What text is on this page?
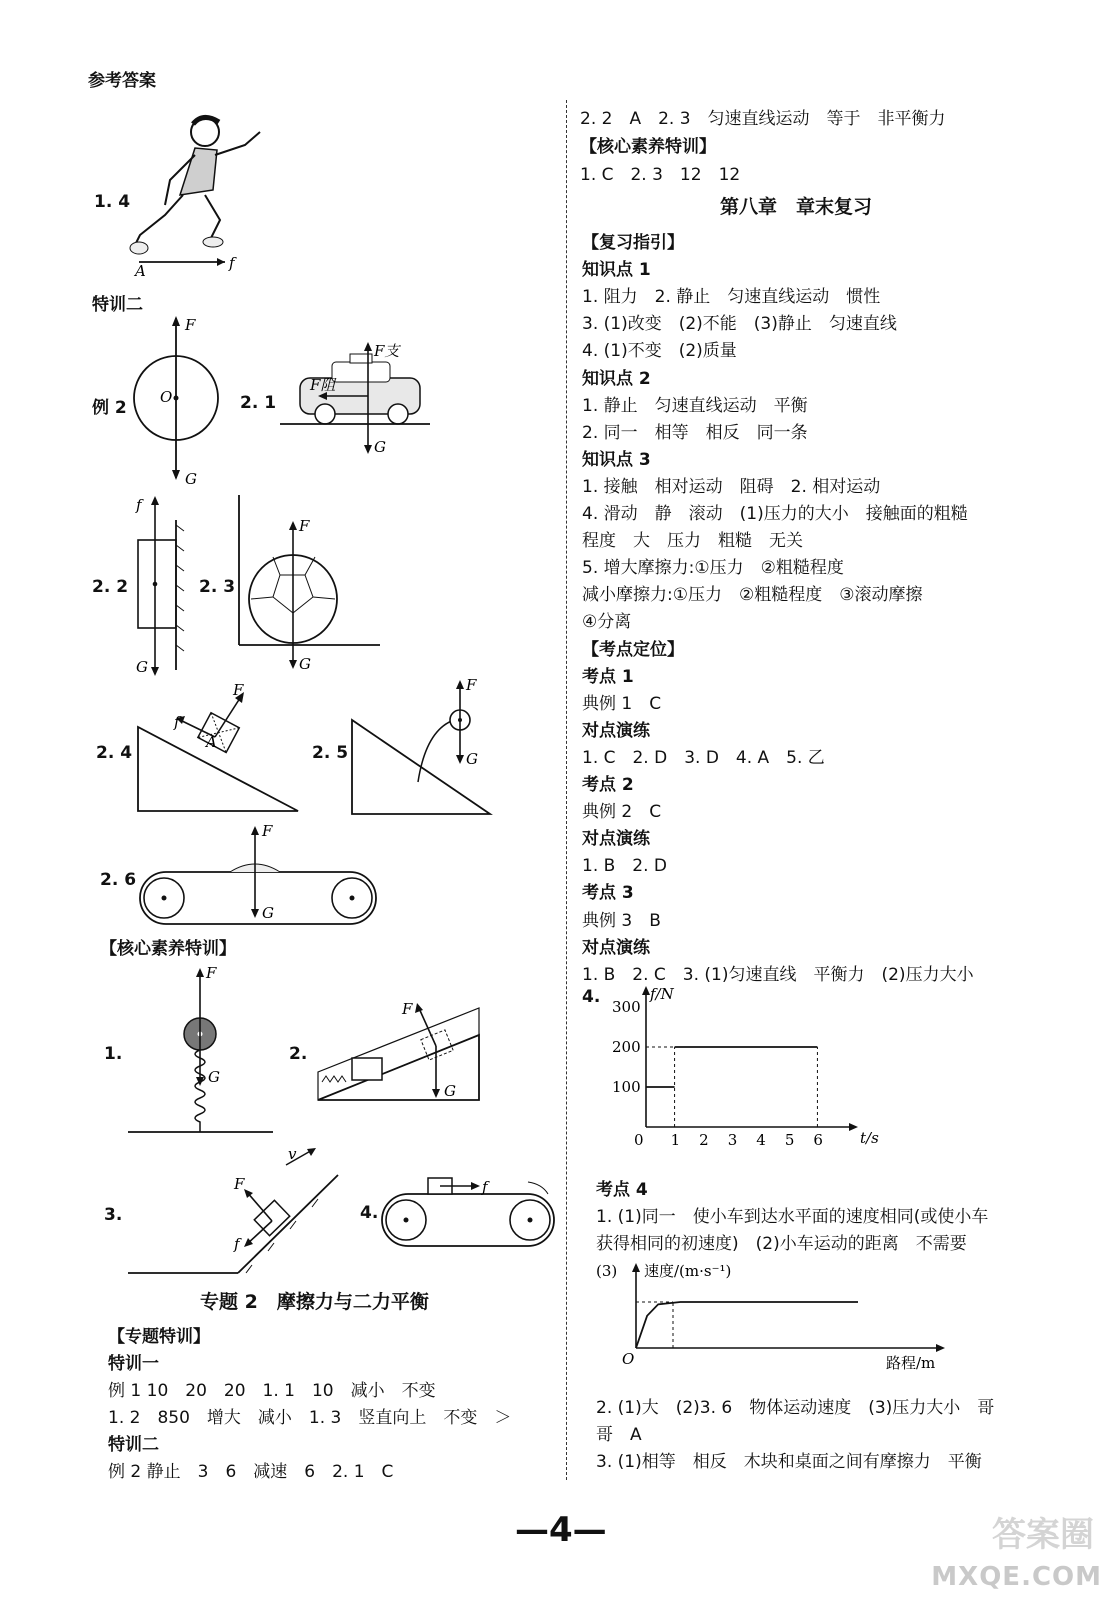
参考答案
1. 4
A	f
特训二
例 2
F
G
O	2. 1
F支
F阻
G
2. 2
f
G
2. 3
F
G
2. 4
F
f
A
2. 5
F
G
2. 6
F
G
【核心素养特训】
1.
F
G
2.
F
G
3.
F
f
v
4.
f
专题 2　摩擦力与二力平衡
【专题特训】
特训一
例 1 10　20　20　1. 1　10　减小　不变
1. 2　850　增大　减小　1. 3　竖直向上　不变　＞
特训二
例 2 静止　3　6　减速　6　2. 1　C
2. 2　A　2. 3　匀速直线运动　等于　非平衡力
【核心素养特训】
1. C　2. 3　12　12
第八章　章末复习
【复习指引】
知识点 1
1. 阻力　2. 静止　匀速直线运动　惯性
3. (1)改变　(2)不能　(3)静止　匀速直线
4. (1)不变　(2)质量
知识点 2
1. 静止　匀速直线运动　平衡
2. 同一　相等　相反　同一条
知识点 3
1. 接触　相对运动　阻碍　2. 相对运动
4. 滑动　静　滚动　(1)压力的大小　接触面的粗糙
程度　大　压力　粗糙　无关
5. 增大摩擦力:①压力　②粗糙程度
减小摩擦力:①压力　②粗糙程度　③滚动摩擦
④分离
【考点定位】
考点 1
典例 1　C
对点演练
1. C　2. D　3. D　4. A　5. 乙
考点 2
典例 2　C
对点演练
1. B　2. D
考点 3
典例 3　B
对点演练
1. B　2. C　3. (1)匀速直线　平衡力　(2)压力大小
4.	f/N
t/s
0 1 2 3 4 5 6
100
200
300
考点 4
1. (1)同一　使小车到达水平面的速度相同(或使小车
获得相同的初速度)　(2)小车运动的距离　不需要
(3) 速度/(m·s⁻¹)
路程/m
O
2. (1)大　(2)3. 6　物体运动速度　(3)压力大小　哥
哥　A
3. (1)相等　相反　木块和桌面之间有摩擦力　平衡
—4—	答案圈
MXQE.COM
